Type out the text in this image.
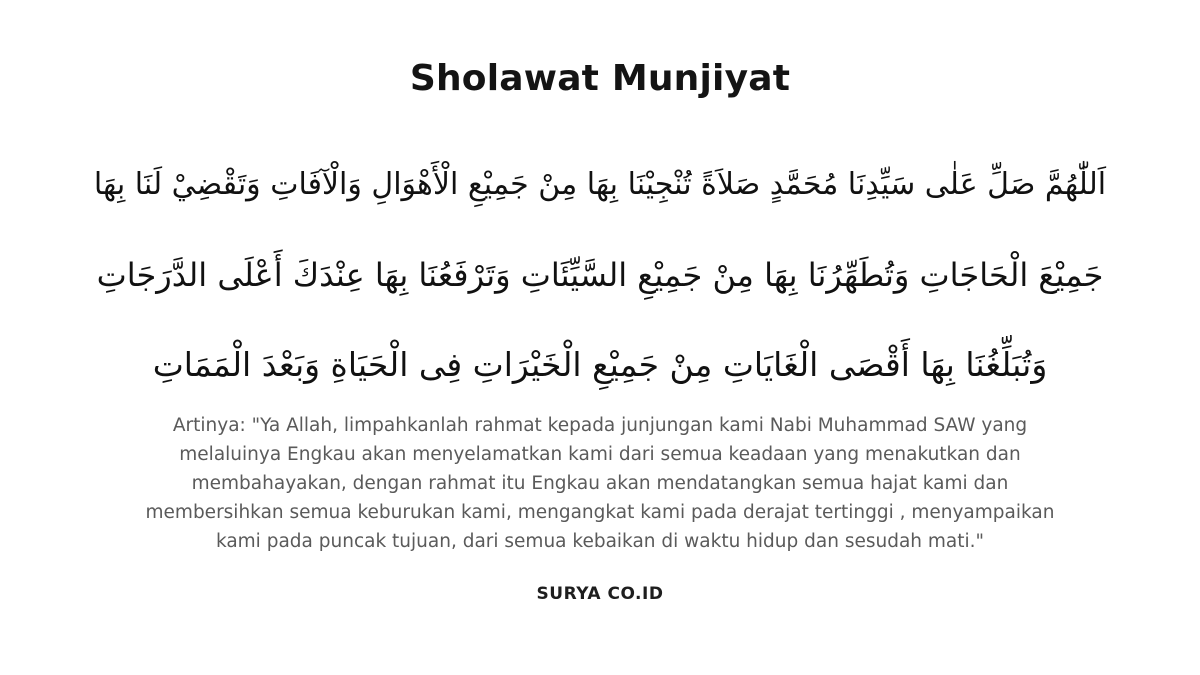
Sholawat Munjiyat
اَللّٰهُمَّ صَلِّ عَلٰى سَيِّدِنَا مُحَمَّدٍ صَلاَةً تُنْجِيْنَا بِهَا مِنْ جَمِيْعِ الْأَهْوَالِ وَالْآفَاتِ وَتَقْضِيْ لَنَا بِهَا
جَمِيْعَ الْحَاجَاتِ وَتُطَهِّرُنَا بِهَا مِنْ جَمِيْعِ السَّيِّئَاتِ وَتَرْفَعُنَا بِهَا عِنْدَكَ أَعْلَى الدَّرَجَاتِ
وَتُبَلِّغُنَا بِهَا أَقْصَى الْغَايَاتِ مِنْ جَمِيْعِ الْخَيْرَاتِ فِى الْحَيَاةِ وَبَعْدَ الْمَمَاتِ
Artinya: "Ya Allah, limpahkanlah rahmat kepada junjungan kami Nabi Muhammad SAW yang
melaluinya Engkau akan menyelamatkan kami dari semua keadaan yang menakutkan dan
membahayakan, dengan rahmat itu Engkau akan mendatangkan semua hajat kami dan
membersihkan semua keburukan kami, mengangkat kami pada derajat tertinggi , menyampaikan
kami pada puncak tujuan, dari semua kebaikan di waktu hidup dan sesudah mati."
SURYA CO.ID
